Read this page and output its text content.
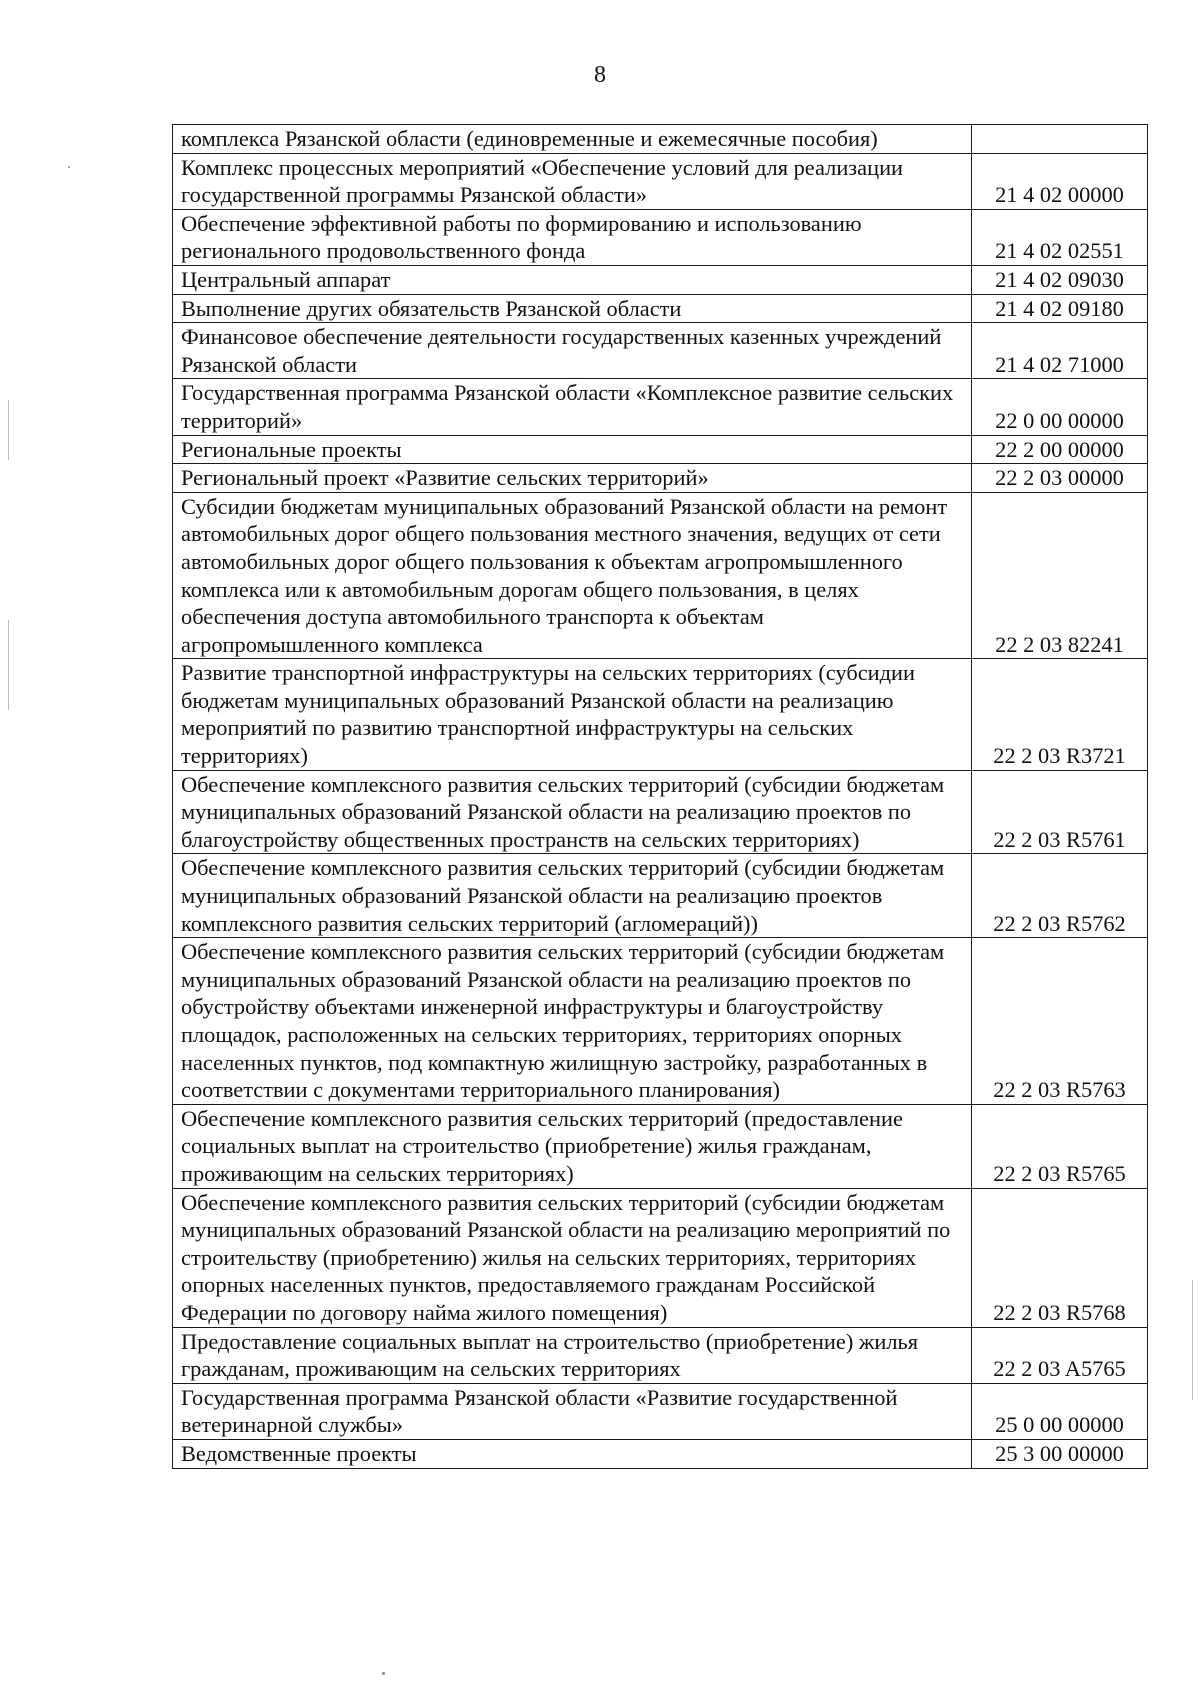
8
комплекса Рязанской области (единовременные и ежемесячные пособия)	
Комплекс процессных мероприятий «Обеспечение условий для реализации государственной программы Рязанской области»	21 4 02 00000
Обеспечение эффективной работы по формированию и использованию регионального продовольственного фонда	21 4 02 02551
Центральный аппарат	21 4 02 09030
Выполнение других обязательств Рязанской области	21 4 02 09180
Финансовое обеспечение деятельности государственных казенных учреждений Рязанской области	21 4 02 71000
Государственная программа Рязанской области «Комплексное развитие сельских территорий»	22 0 00 00000
Региональные проекты	22 2 00 00000
Региональный проект «Развитие сельских территорий»	22 2 03 00000
Субсидии бюджетам муниципальных образований Рязанской области на ремонт автомобильных дорог общего пользования местного значения, ведущих от сети автомобильных дорог общего пользования к объектам агропромышленного комплекса или к автомобильным дорогам общего пользования, в целях обеспечения доступа автомобильного транспорта к объектам агропромышленного комплекса	22 2 03 82241
Развитие транспортной инфраструктуры на сельских территориях (субсидии бюджетам муниципальных образований Рязанской области на реализацию мероприятий по развитию транспортной инфраструктуры на сельских территориях)	22 2 03 R3721
Обеспечение комплексного развития сельских территорий (субсидии бюджетам муниципальных образований Рязанской области на реализацию проектов по благоустройству общественных пространств на сельских территориях)	22 2 03 R5761
Обеспечение комплексного развития сельских территорий (субсидии бюджетам муниципальных образований Рязанской области на реализацию проектов комплексного развития сельских территорий (агломераций))	22 2 03 R5762
Обеспечение комплексного развития сельских территорий (субсидии бюджетам муниципальных образований Рязанской области на реализацию проектов по обустройству объектами инженерной инфраструктуры и благоустройству площадок, расположенных на сельских территориях, территориях опорных населенных пунктов, под компактную жилищную застройку, разработанных в соответствии с документами территориального планирования)	22 2 03 R5763
Обеспечение комплексного развития сельских территорий (предоставление социальных выплат на строительство (приобретение) жилья гражданам, проживающим на сельских территориях)	22 2 03 R5765
Обеспечение комплексного развития сельских территорий (субсидии бюджетам муниципальных образований Рязанской области на реализацию мероприятий по строительству (приобретению) жилья на сельских территориях, территориях опорных населенных пунктов, предоставляемого гражданам Российской Федерации по договору найма жилого помещения)	22 2 03 R5768
Предоставление социальных выплат на строительство (приобретение) жилья гражданам, проживающим на сельских территориях	22 2 03 A5765
Государственная программа Рязанской области «Развитие государственной ветеринарной службы»	25 0 00 00000
Ведомственные проекты	25 3 00 00000
